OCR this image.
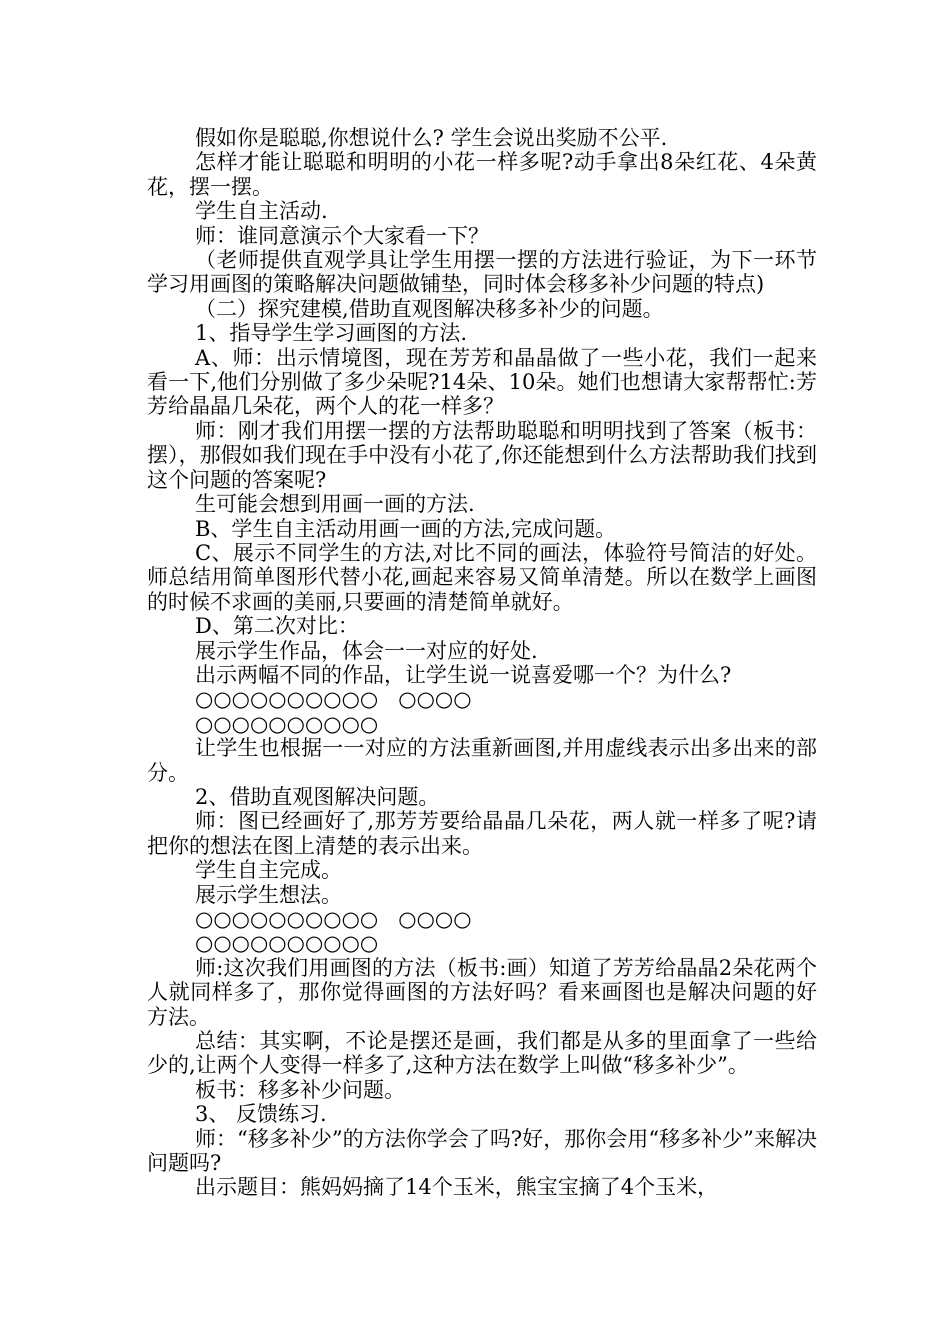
假如你是聪聪,你想说什么? 学生会说出奖励不公平.

怎样才能让聪聪和明明的小花一样多呢?动手拿出8朵红花、4朵黄花，摆一摆。

学生自主活动.

师：谁同意演示个大家看一下？

（老师提供直观学具让学生用摆一摆的方法进行验证，为下一环节学习用画图的策略解决问题做铺垫，同时体会移多补少问题的特点)

（二）探究建模,借助直观图解决移多补少的问题。

1、指导学生学习画图的方法.

A、师：出示情境图，现在芳芳和晶晶做了一些小花，我们一起来看一下,他们分别做了多少朵呢?14朵、10朵。她们也想请大家帮帮忙:芳芳给晶晶几朵花，两个人的花一样多？

师：刚才我们用摆一摆的方法帮助聪聪和明明找到了答案（板书：摆），那假如我们现在手中没有小花了,你还能想到什么方法帮助我们找到这个问题的答案呢?

生可能会想到用画一画的方法.

B、学生自主活动用画一画的方法,完成问题。

C、展示不同学生的方法,对比不同的画法，体验符号简洁的好处。师总结用简单图形代替小花,画起来容易又简单清楚。所以在数学上画图的时候不求画的美丽,只要画的清楚简单就好。

D、第二次对比：

展示学生作品，体会一一对应的好处.

出示两幅不同的作品，让学生说一说喜爱哪一个？为什么?

○○○○○○○○○○   ○○○○

○○○○○○○○○○

让学生也根据一一对应的方法重新画图,并用虚线表示出多出来的部分。

2、借助直观图解决问题。

师：图已经画好了,那芳芳要给晶晶几朵花，两人就一样多了呢?请把你的想法在图上清楚的表示出来。

学生自主完成。

展示学生想法。

○○○○○○○○○○   ○○○○

○○○○○○○○○○

师:这次我们用画图的方法（板书:画）知道了芳芳给晶晶2朵花两个人就同样多了，那你觉得画图的方法好吗？看来画图也是解决问题的好方法。

总结：其实啊，不论是摆还是画，我们都是从多的里面拿了一些给少的,让两个人变得一样多了,这种方法在数学上叫做“移多补少”。

板书：移多补少问题。

3、 反馈练习.

师：“移多补少”的方法你学会了吗?好，那你会用“移多补少”来解决问题吗?

出示题目：熊妈妈摘了14个玉米，熊宝宝摘了4个玉米，
